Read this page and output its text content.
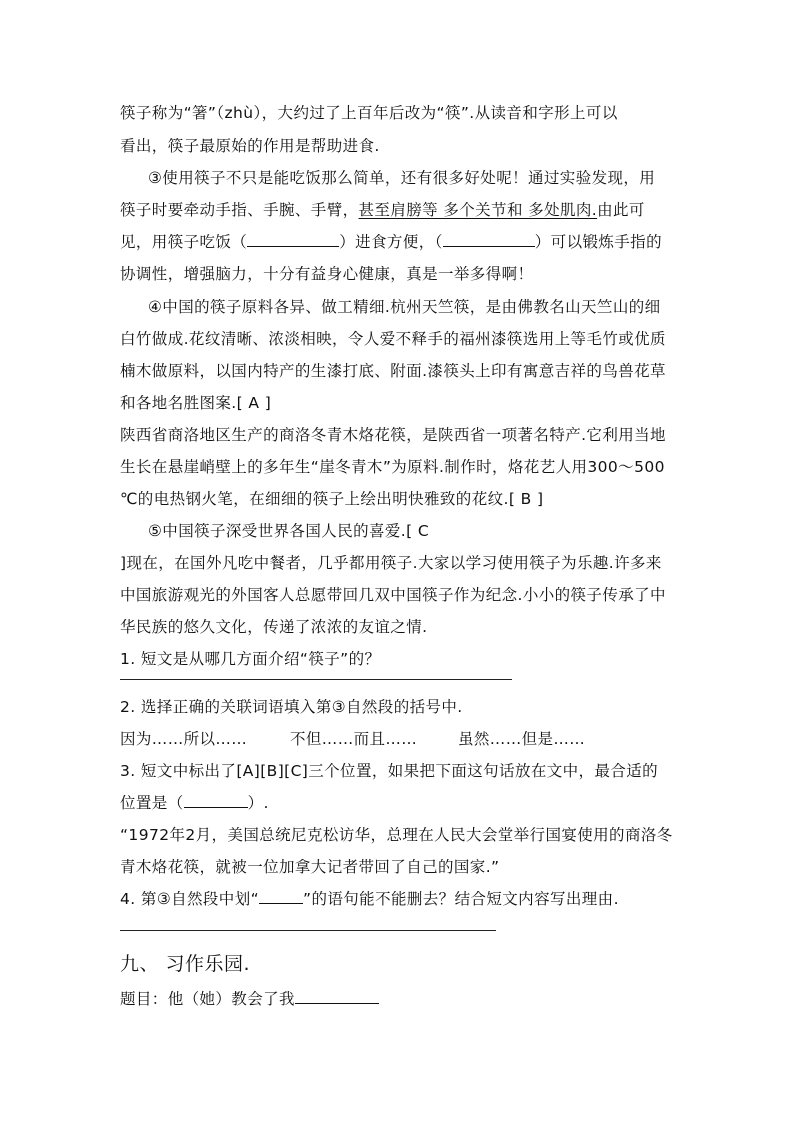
筷子称为“箸”（zhù），大约过了上百年后改为“筷”.从读音和字形上可以
看出，筷子最原始的作用是帮助进食.
③使用筷子不只是能吃饭那么简单，还有很多好处呢！通过实验发现，用
筷子时要牵动手指、手腕、手臂，甚至肩膀等 多个关节和 多处肌肉.由此可
见，用筷子吃饭（	）进食方便，（	）可以锻炼手指的
协调性，增强脑力，十分有益身心健康，真是一举多得啊！
④中国的筷子原料各异、做工精细.杭州天竺筷，是由佛教名山天竺山的细
白竹做成.花纹清晰、浓淡相映，令人爱不释手的福州漆筷选用上等毛竹或优质
楠木做原料，以国内特产的生漆打底、附面.漆筷头上印有寓意吉祥的鸟兽花草
和各地名胜图案.[ A ]
陕西省商洛地区生产的商洛冬青木烙花筷，是陕西省一项著名特产.它利用当地
生长在悬崖峭壁上的多年生“崖冬青木”为原料.制作时，烙花艺人用300～500
℃的电热钢火笔，在细细的筷子上绘出明快雅致的花纹.[ B ]
⑤中国筷子深受世界各国人民的喜爱.[ C
]现在，在国外凡吃中餐者，几乎都用筷子.大家以学习使用筷子为乐趣.许多来
中国旅游观光的外国客人总愿带回几双中国筷子作为纪念.小小的筷子传承了中
华民族的悠久文化，传递了浓浓的友谊之情.
1. 短文是从哪几方面介绍“筷子”的？
2. 选择正确的关联词语填入第③自然段的括号中.
因为……所以……	不但……而且……	虽然……但是……
3. 短文中标出了[A][B][C]三个位置，如果把下面这句话放在文中，最合适的
位置是（	）.
“1972年2月，美国总统尼克松访华，总理在人民大会堂举行国宴使用的商洛冬
青木烙花筷，就被一位加拿大记者带回了自己的国家.”
4. 第③自然段中划“	”的语句能不能删去？结合短文内容写出理由.
九、 习作乐园.
题目：他（她）教会了我
